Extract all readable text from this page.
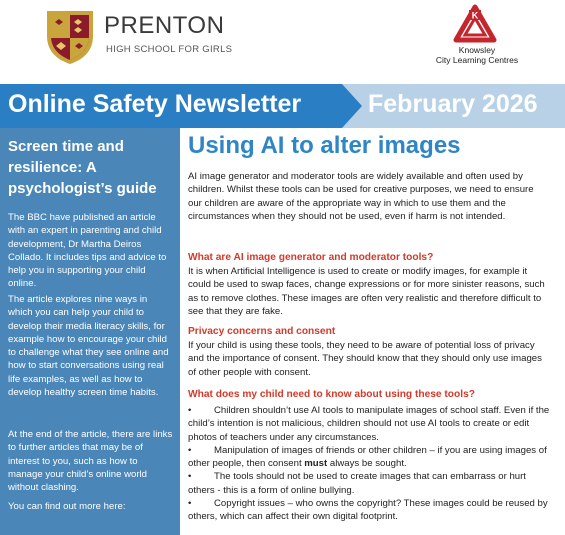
PRENTON
HIGH SCHOOL FOR GIRLS
K
Knowsley
City Learning Centres
Online Safety Newsletter	February 2026
Screen time and resilience: A psychologist’s guide

The BBC have published an article with an expert in parenting and child development, Dr Martha Deiros Collado. It includes tips and advice to help you in supporting your child online.

The article explores nine ways in which you can help your child to develop their media literacy skills, for example how to encourage your child to challenge what they see online and how to start conversations using real life examples, as well as how to develop healthy screen time habits.

At the end of the article, there are links to further articles that may be of interest to you, such as how to manage your child’s online world without clashing.

You can find out more here:

Using AI to alter images

AI image generator and moderator tools are widely available and often used by children. Whilst these tools can be used for creative purposes, we need to ensure our children are aware of the appropriate way in which to use them and the circumstances when they should not be used, even if harm is not intended.

What are AI image generator and moderator tools?

It is when Artificial Intelligence is used to create or modify images, for example it could be used to swap faces, change expressions or for more sinister reasons, such as to remove clothes. These images are often very realistic and therefore difficult to see that they are fake.

Privacy concerns and consent

If your child is using these tools, they need to be aware of potential loss of privacy and the importance of consent. They should know that they should only use images of other people with consent.

What does my child need to know about using these tools?

• Children shouldn’t use AI tools to manipulate images of school staff. Even if the child’s intention is not malicious, children should not use AI tools to create or edit photos of teachers under any circumstances.
• Manipulation of images of friends or other children – if you are using images of other people, then consent must always be sought.
• The tools should not be used to create images that can embarrass or hurt others - this is a form of online bullying.
• Copyright issues – who owns the copyright? These images could be reused by others, which can affect their own digital footprint.
